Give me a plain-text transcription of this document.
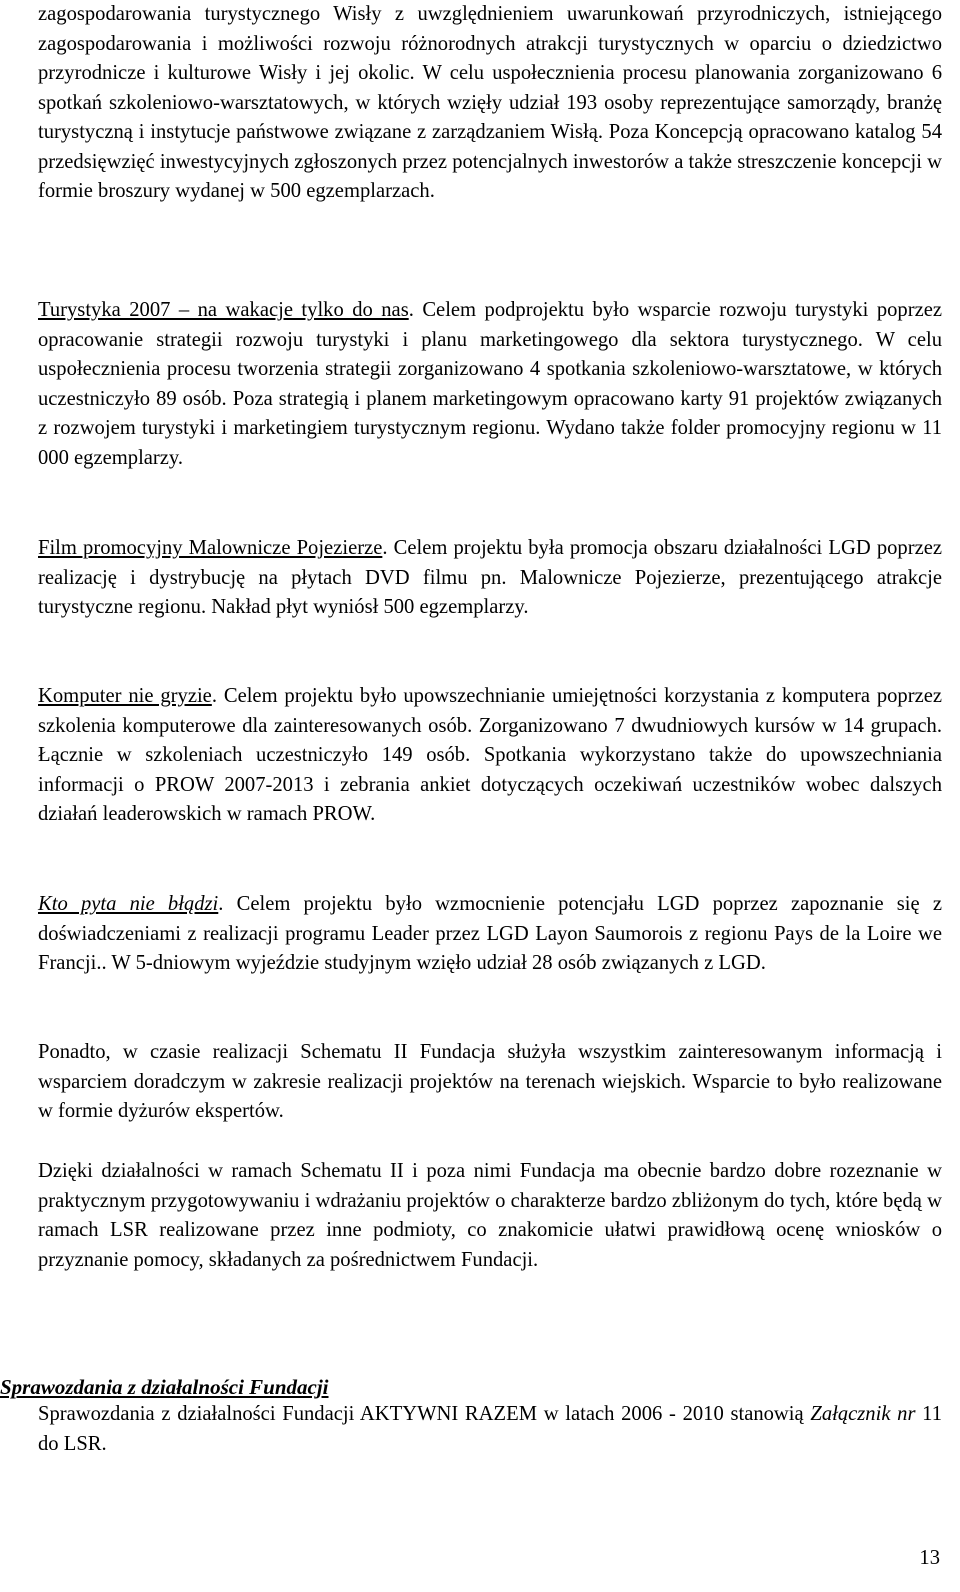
zagospodarowania turystycznego Wisły z uwzględnieniem uwarunkowań przyrodniczych, istniejącego zagospodarowania i możliwości rozwoju różnorodnych atrakcji turystycznych w oparciu o dziedzictwo przyrodnicze i kulturowe Wisły i jej okolic. W celu uspołecznienia procesu planowania zorganizowano 6 spotkań szkoleniowo-warsztatowych, w których wzięły udział 193 osoby reprezentujące samorządy, branżę turystyczną i instytucje państwowe związane z zarządzaniem Wisłą. Poza Koncepcją opracowano katalog 54 przedsięwzięć inwestycyjnych zgłoszonych przez potencjalnych inwestorów a także streszczenie koncepcji w formie broszury wydanej w 500 egzemplarzach.

Turystyka 2007 – na wakacje tylko do nas. Celem podprojektu było wsparcie rozwoju turystyki poprzez opracowanie strategii rozwoju turystyki i planu marketingowego dla sektora turystycznego. W celu uspołecznienia procesu tworzenia strategii zorganizowano 4 spotkania szkoleniowo-warsztatowe, w których uczestniczyło 89 osób. Poza strategią i planem marketingowym opracowano karty 91 projektów związanych z rozwojem turystyki i marketingiem turystycznym regionu. Wydano także folder promocyjny regionu w 11 000 egzemplarzy.

Film promocyjny Malownicze Pojezierze. Celem projektu była promocja obszaru działalności LGD poprzez realizację i dystrybucję na płytach DVD filmu pn. Malownicze Pojezierze, prezentującego atrakcje turystyczne regionu. Nakład płyt wyniósł 500 egzemplarzy.

Komputer nie gryzie. Celem projektu było upowszechnianie umiejętności korzystania z komputera poprzez szkolenia komputerowe dla zainteresowanych osób. Zorganizowano 7 dwudniowych kursów w 14 grupach. Łącznie w szkoleniach uczestniczyło 149 osób. Spotkania wykorzystano także do upowszechniania informacji o PROW 2007-2013 i zebrania ankiet dotyczących oczekiwań uczestników wobec dalszych działań leaderowskich w ramach PROW.

Kto pyta nie błądzi. Celem projektu było wzmocnienie potencjału LGD poprzez zapoznanie się z doświadczeniami z realizacji programu Leader przez LGD Layon Saumorois z regionu Pays de la Loire we Francji.. W 5-dniowym wyjeździe studyjnym wzięło udział 28 osób związanych z LGD.

Ponadto, w czasie realizacji Schematu II Fundacja służyła wszystkim zainteresowanym informacją i wsparciem doradczym w zakresie realizacji projektów na terenach wiejskich. Wsparcie to było realizowane w formie dyżurów ekspertów.

Dzięki działalności w ramach Schematu II i poza nimi Fundacja ma obecnie bardzo dobre rozeznanie w praktycznym przygotowywaniu i wdrażaniu projektów o charakterze bardzo zbliżonym do tych, które będą w ramach LSR realizowane przez inne podmioty, co znakomicie ułatwi prawidłową ocenę wniosków o przyznanie pomocy, składanych za pośrednictwem Fundacji.

Sprawozdania z działalności Fundacji

Sprawozdania z działalności Fundacji AKTYWNI RAZEM w latach 2006 - 2010 stanowią Załącznik nr 11 do LSR.

13
